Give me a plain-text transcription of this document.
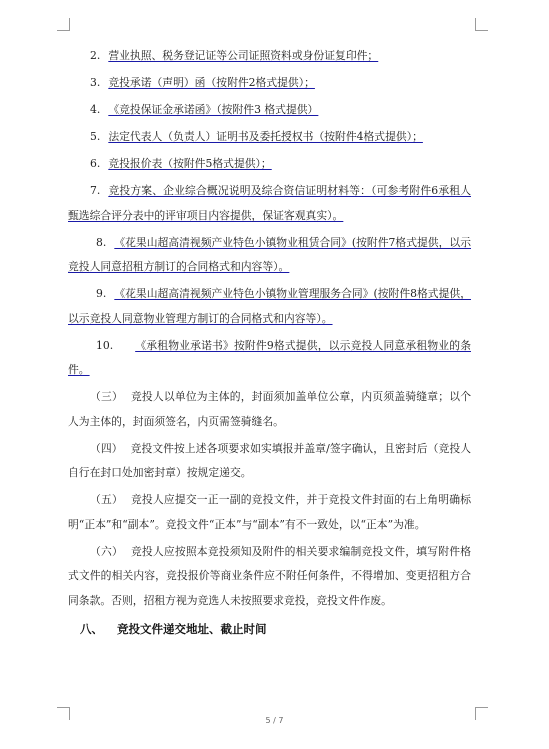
2. 营业执照、税务登记证等公司证照资料或身份证复印件；

3. 竞投承诺（声明）函（按附件2格式提供）；

4. 《竞投保证金承诺函》（按附件3 格式提供）

5. 法定代表人（负责人）证明书及委托授权书（按附件4格式提供）；

6. 竞投报价表（按附件5格式提供）；

7. 竞投方案、企业综合概况说明及综合资信证明材料等：（可参考附件6承租人甄选综合评分表中的评审项目内容提供，保证客观真实）。

8. 《花果山超高清视频产业特色小镇物业租赁合同》(按附件7格式提供，以示竞投人同意招租方制订的合同格式和内容等）。

9. 《花果山超高清视频产业特色小镇物业管理服务合同》(按附件8格式提供，以示竞投人同意物业管理方制订的合同格式和内容等）。

10. 《承租物业承诺书》按附件9格式提供，以示竞投人同意承租物业的条件。

（三） 竞投人以单位为主体的，封面须加盖单位公章，内页须盖骑缝章；以个人为主体的，封面须签名，内页需签骑缝名。

（四） 竞投文件按上述各项要求如实填报并盖章/签字确认，且密封后（竞投人自行在封口处加密封章）按规定递交。

（五） 竞投人应提交一正一副的竞投文件，并于竞投文件封面的右上角明确标明“正本”和“副本”。竞投文件“正本”与“副本”有不一致处，以“正本”为准。

（六） 竞投人应按照本竞投须知及附件的相关要求编制竞投文件，填写附件格式文件的相关内容，竞投报价等商业条件应不附任何条件，不得增加、变更招租方合同条款。否则，招租方视为竞选人未按照要求竞投，竞投文件作废。

八、 竞投文件递交地址、截止时间

5 / 7
